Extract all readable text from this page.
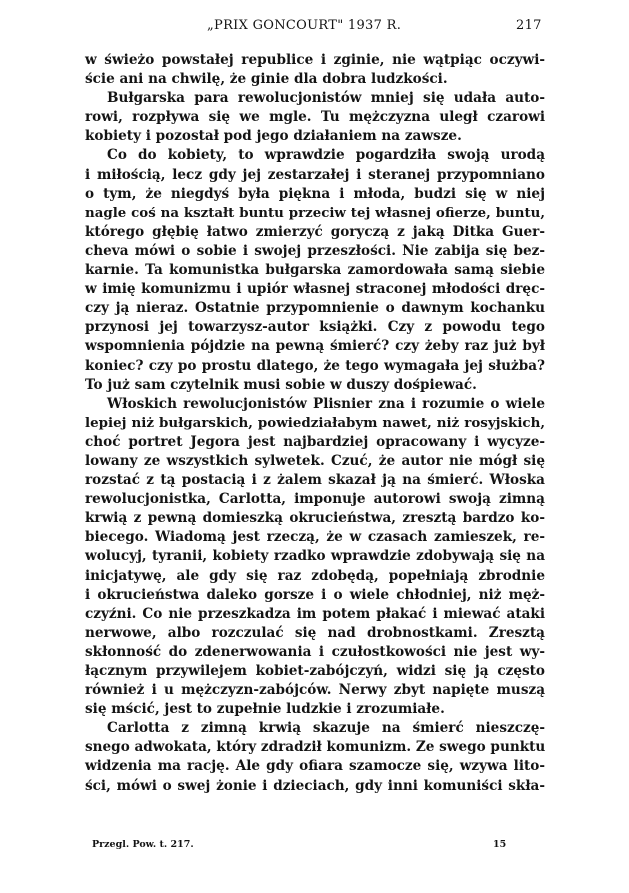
„PRIX GONCOURT" 1937 R.	217
w świeżo powstałej republice i zginie, nie wątpiąc oczywi-
ście ani na chwilę, że ginie dla dobra ludzkości.
Bułgarska para rewolucjonistów mniej się udała auto-
rowi, rozpływa się we mgle. Tu mężczyzna uległ czarowi
kobiety i pozostał pod jego działaniem na zawsze.
Co do kobiety, to wprawdzie pogardziła swoją urodą
i miłością, lecz gdy jej zestarzałej i steranej przypomniano
o tym, że niegdyś była piękna i młoda, budzi się w niej
nagle coś na kształt buntu przeciw tej własnej ofierze, buntu,
którego głębię łatwo zmierzyć goryczą z jaką Ditka Guer-
cheva mówi o sobie i swojej przeszłości. Nie zabija się bez-
karnie. Ta komunistka bułgarska zamordowała samą siebie
w imię komunizmu i upiór własnej straconej młodości dręc-
czy ją nieraz. Ostatnie przypomnienie o dawnym kochanku
przynosi jej towarzysz-autor książki. Czy z powodu tego
wspomnienia pójdzie na pewną śmierć? czy żeby raz już był
koniec? czy po prostu dlatego, że tego wymagała jej służba?
To już sam czytelnik musi sobie w duszy dośpiewać.
Włoskich rewolucjonistów Plisnier zna i rozumie o wiele
lepiej niż bułgarskich, powiedziałabym nawet, niż rosyjskich,
choć portret Jegora jest najbardziej opracowany i wycyze-
lowany ze wszystkich sylwetek. Czuć, że autor nie mógł się
rozstać z tą postacią i z żalem skazał ją na śmierć. Włoska
rewolucjonistka, Carlotta, imponuje autorowi swoją zimną
krwią z pewną domieszką okrucieństwa, zresztą bardzo ko-
biecego. Wiadomą jest rzeczą, że w czasach zamieszek, re-
wolucyj, tyranii, kobiety rzadko wprawdzie zdobywają się na
inicjatywę, ale gdy się raz zdobędą, popełniają zbrodnie
i okrucieństwa daleko gorsze i o wiele chłodniej, niż męż-
czyźni. Co nie przeszkadza im potem płakać i miewać ataki
nerwowe, albo rozczulać się nad drobnostkami. Zresztą
skłonność do zdenerwowania i czułostkowości nie jest wy-
łącznym przywilejem kobiet-zabójczyń, widzi się ją często
również i u mężczyzn-zabójców. Nerwy zbyt napięte muszą
się mścić, jest to zupełnie ludzkie i zrozumiałe.
Carlotta z zimną krwią skazuje na śmierć nieszczę-
snego adwokata, który zdradził komunizm. Ze swego punktu
widzenia ma rację. Ale gdy ofiara szamocze się, wzywa lito-
ści, mówi o swej żonie i dzieciach, gdy inni komuniści skła-
Przegl. Pow. t. 217.	15
